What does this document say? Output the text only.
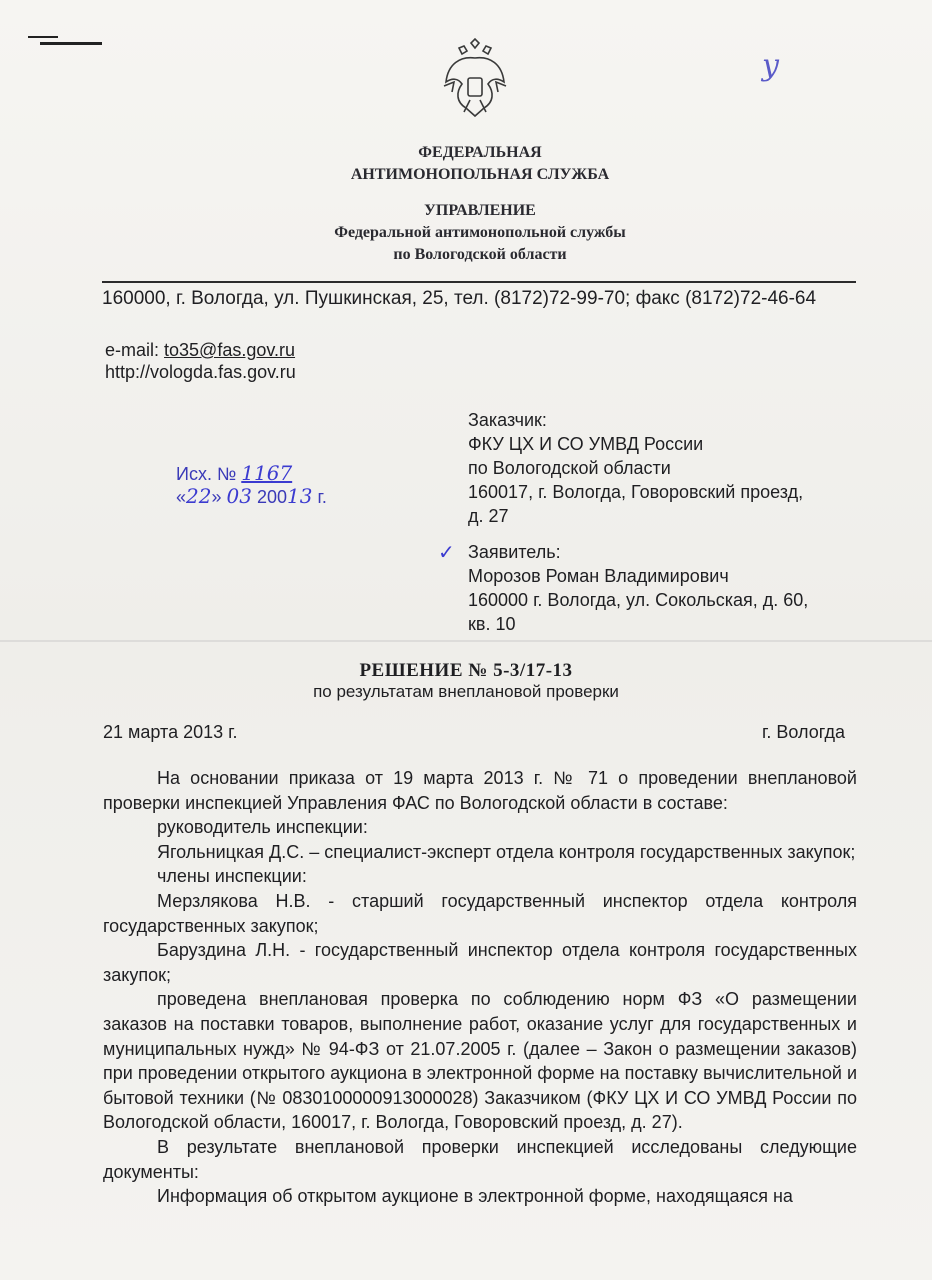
у
ФЕДЕРАЛЬНАЯ
АНТИМОНОПОЛЬНАЯ СЛУЖБА
УПРАВЛЕНИЕ
Федеральной антимонопольной службы
по Вологодской области
160000, г. Вологда, ул. Пушкинская, 25, тел. (8172)72-99-70; факс (8172)72-46-64
e-mail: to35@fas.gov.ru
http://vologda.fas.gov.ru
Исх. № 1167
«22» 03 20013 г.
Заказчик:
ФКУ ЦХ И СО УМВД России
по Вологодской области
160017, г. Вологда, Говоровский проезд,
д. 27
✓ Заявитель:
Морозов Роман Владимирович
160000 г. Вологда, ул. Сокольская, д. 60,
кв. 10
РЕШЕНИЕ № 5-3/17-13
по результатам внеплановой проверки
21 марта 2013 г.	г. Вологда

На основании приказа от 19 марта 2013 г. № 71 о проведении внеплановой проверки инспекцией Управления ФАС по Вологодской области в составе:

руководитель инспекции:

Ягольницкая Д.С. – специалист-эксперт отдела контроля государственных закупок;

члены инспекции:

Мерзлякова Н.В. - старший государственный инспектор отдела контроля государственных закупок;

Баруздина Л.Н. - государственный инспектор отдела контроля государственных закупок;

проведена внеплановая проверка по соблюдению норм ФЗ «О размещении заказов на поставки товаров, выполнение работ, оказание услуг для государственных и муниципальных нужд» № 94-ФЗ от 21.07.2005 г. (далее – Закон о размещении заказов) при проведении открытого аукциона в электронной форме на поставку вычислительной и бытовой техники (№ 0830100000913000028) Заказчиком (ФКУ ЦХ И СО УМВД России по Вологодской области, 160017, г. Вологда, Говоровский проезд, д. 27).

В результате внеплановой проверки инспекцией исследованы следующие документы:

Информация об открытом аукционе в электронной форме, находящаяся на
